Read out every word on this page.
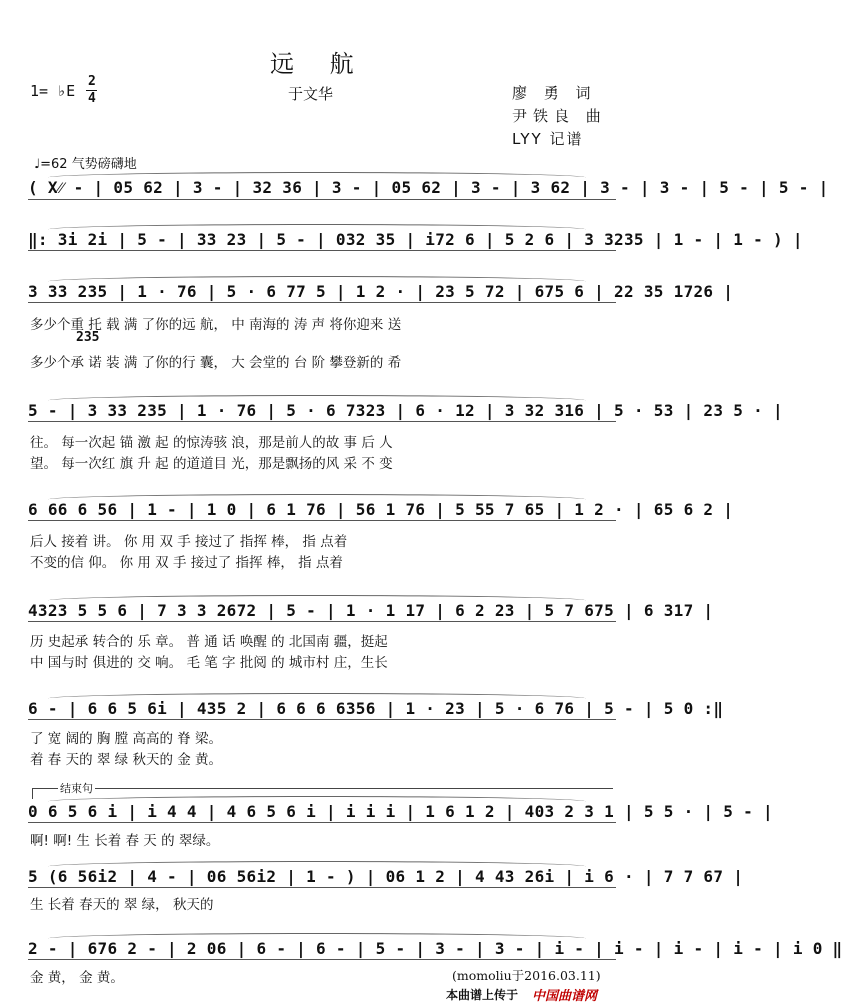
远 航
于文华
1= ♭E
2
4	廖 勇 词
尹铁良 曲
LYY 记谱
♩=62 气势磅礴地
( X⁄⁄ - | 05 62 | 3 - | 32 36 | 3 - | 05 62 | 3 - | 3 62 | 3 - | 3 - | 5 - | 5 - |
‖: 3i 2i | 5 - | 33 23 | 5 - | 032 35 | i72 6 | 5 2 6 | 3 3235 | 1 - | 1 - ) |
3 33 235 | 1 · 76 | 5 · 6 77 5 | 1 2 · | 23 5 72 | 675 6 | 22 35 1726 |
多少个重 托 载 满 了你的远 航， 中 南海的 涛 声 将你迎来 送
235
多少个承 诺 装 满 了你的行 囊， 大 会堂的 台 阶 攀登新的 希
5 - | 3 33 235 | 1 · 76 | 5 · 6 7323 | 6 · 12 | 3 32 316 | 5 · 53 | 23 5 · |
往。 每一次起 锚 激 起 的惊涛骇 浪，那是前人的故 事 后 人
望。 每一次红 旗 升 起 的道道目 光，那是飘扬的风 采 不 变
6 66 6 56 | 1 - | 1 0 | 6 1 76 | 56 1 76 | 5 55 7 65 | 1 2 · | 65 6 2 |
后人 接着 讲。 你 用 双 手 接过了 指挥 棒， 指 点着
不变的信 仰。 你 用 双 手 接过了 指挥 棒， 指 点着
4323 5 5 6 | 7 3 3 2672 | 5 - | 1 · 1 17 | 6 2 23 | 5 7 675 | 6 317 |
历 史起承 转合的 乐 章。 普 通 话 唤醒 的 北国南 疆，挺起
中 国与时 俱进的 交 响。 毛 笔 字 批阅 的 城市村 庄，生长
6 - | 6 6 5 6i | 435 2 | 6 6 6 6356 | 1 · 23 | 5 · 6 76 | 5 - | 5 0 :‖
了 宽 阔的 胸 膛 高高的 脊 梁。
着 春 天的 翠 绿 秋天的 金 黄。
结束句
0 6 5 6 i | i 4 4 | 4 6 5 6 i | i i i | 1 6 1 2 | 403 2 3 1 | 5 5 · | 5 - |
啊! 啊! 生 长着 春 天 的 翠绿。
5 (6 56i2 | 4 - | 06 56i2 | 1 - ) | 06 1 2 | 4 43 26i | i 6 · | 7 7 67 |
生 长着 春天的 翠 绿， 秋天的
2 - | 676 2 - | 2 06 | 6 - | 6 - | 5 - | 3 - | 3 - | i - | i - | i - | i - | i 0 ‖
金 黄， 金 黄。	(momoliu于2016.03.11)
本曲谱上传于 中国曲谱网
